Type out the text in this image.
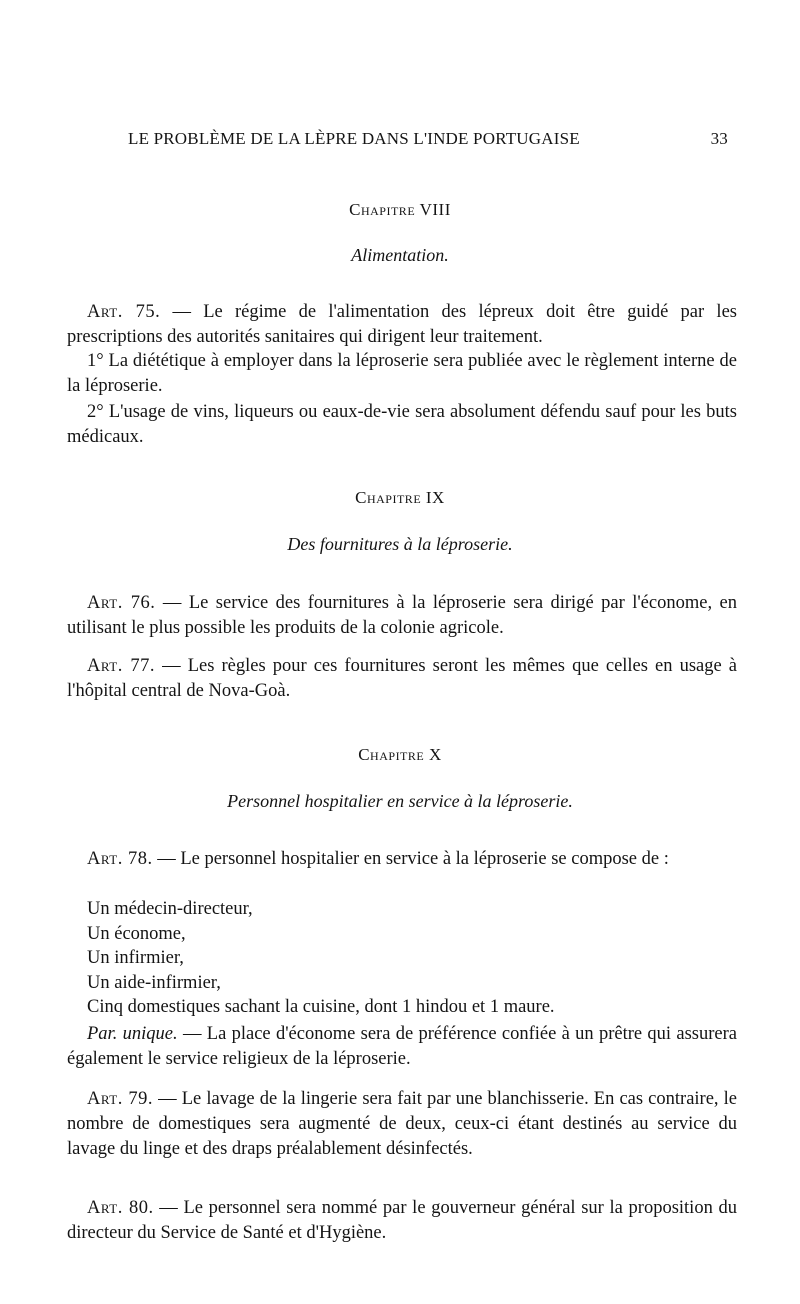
LE PROBLÈME DE LA LÈPRE DANS L'INDE PORTUGAISE	33
Chapitre VIII
Alimentation.

Art. 75. — Le régime de l'alimentation des lépreux doit être guidé par les prescriptions des autorités sanitaires qui dirigent leur traitement.

1° La diététique à employer dans la léproserie sera publiée avec le règlement interne de la léproserie.

2° L'usage de vins, liqueurs ou eaux-de-vie sera absolument défendu sauf pour les buts médicaux.

Chapitre IX
Des fournitures à la léproserie.

Art. 76. — Le service des fournitures à la léproserie sera dirigé par l'économe, en utilisant le plus possible les produits de la colonie agricole.

Art. 77. — Les règles pour ces fournitures seront les mêmes que celles en usage à l'hôpital central de Nova-Goà.

Chapitre X
Personnel hospitalier en service à la léproserie.

Art. 78. — Le personnel hospitalier en service à la léproserie se compose de :

Un médecin-directeur,
Un économe,
Un infirmier,
Un aide-infirmier,
Cinq domestiques sachant la cuisine, dont 1 hindou et 1 maure.

Par. unique. — La place d'économe sera de préférence confiée à un prêtre qui assurera également le service religieux de la léproserie.

Art. 79. — Le lavage de la lingerie sera fait par une blanchisserie. En cas contraire, le nombre de domestiques sera augmenté de deux, ceux-ci étant destinés au service du lavage du linge et des draps préalablement désinfectés.

Art. 80. — Le personnel sera nommé par le gouverneur général sur la proposition du directeur du Service de Santé et d'Hygiène.
